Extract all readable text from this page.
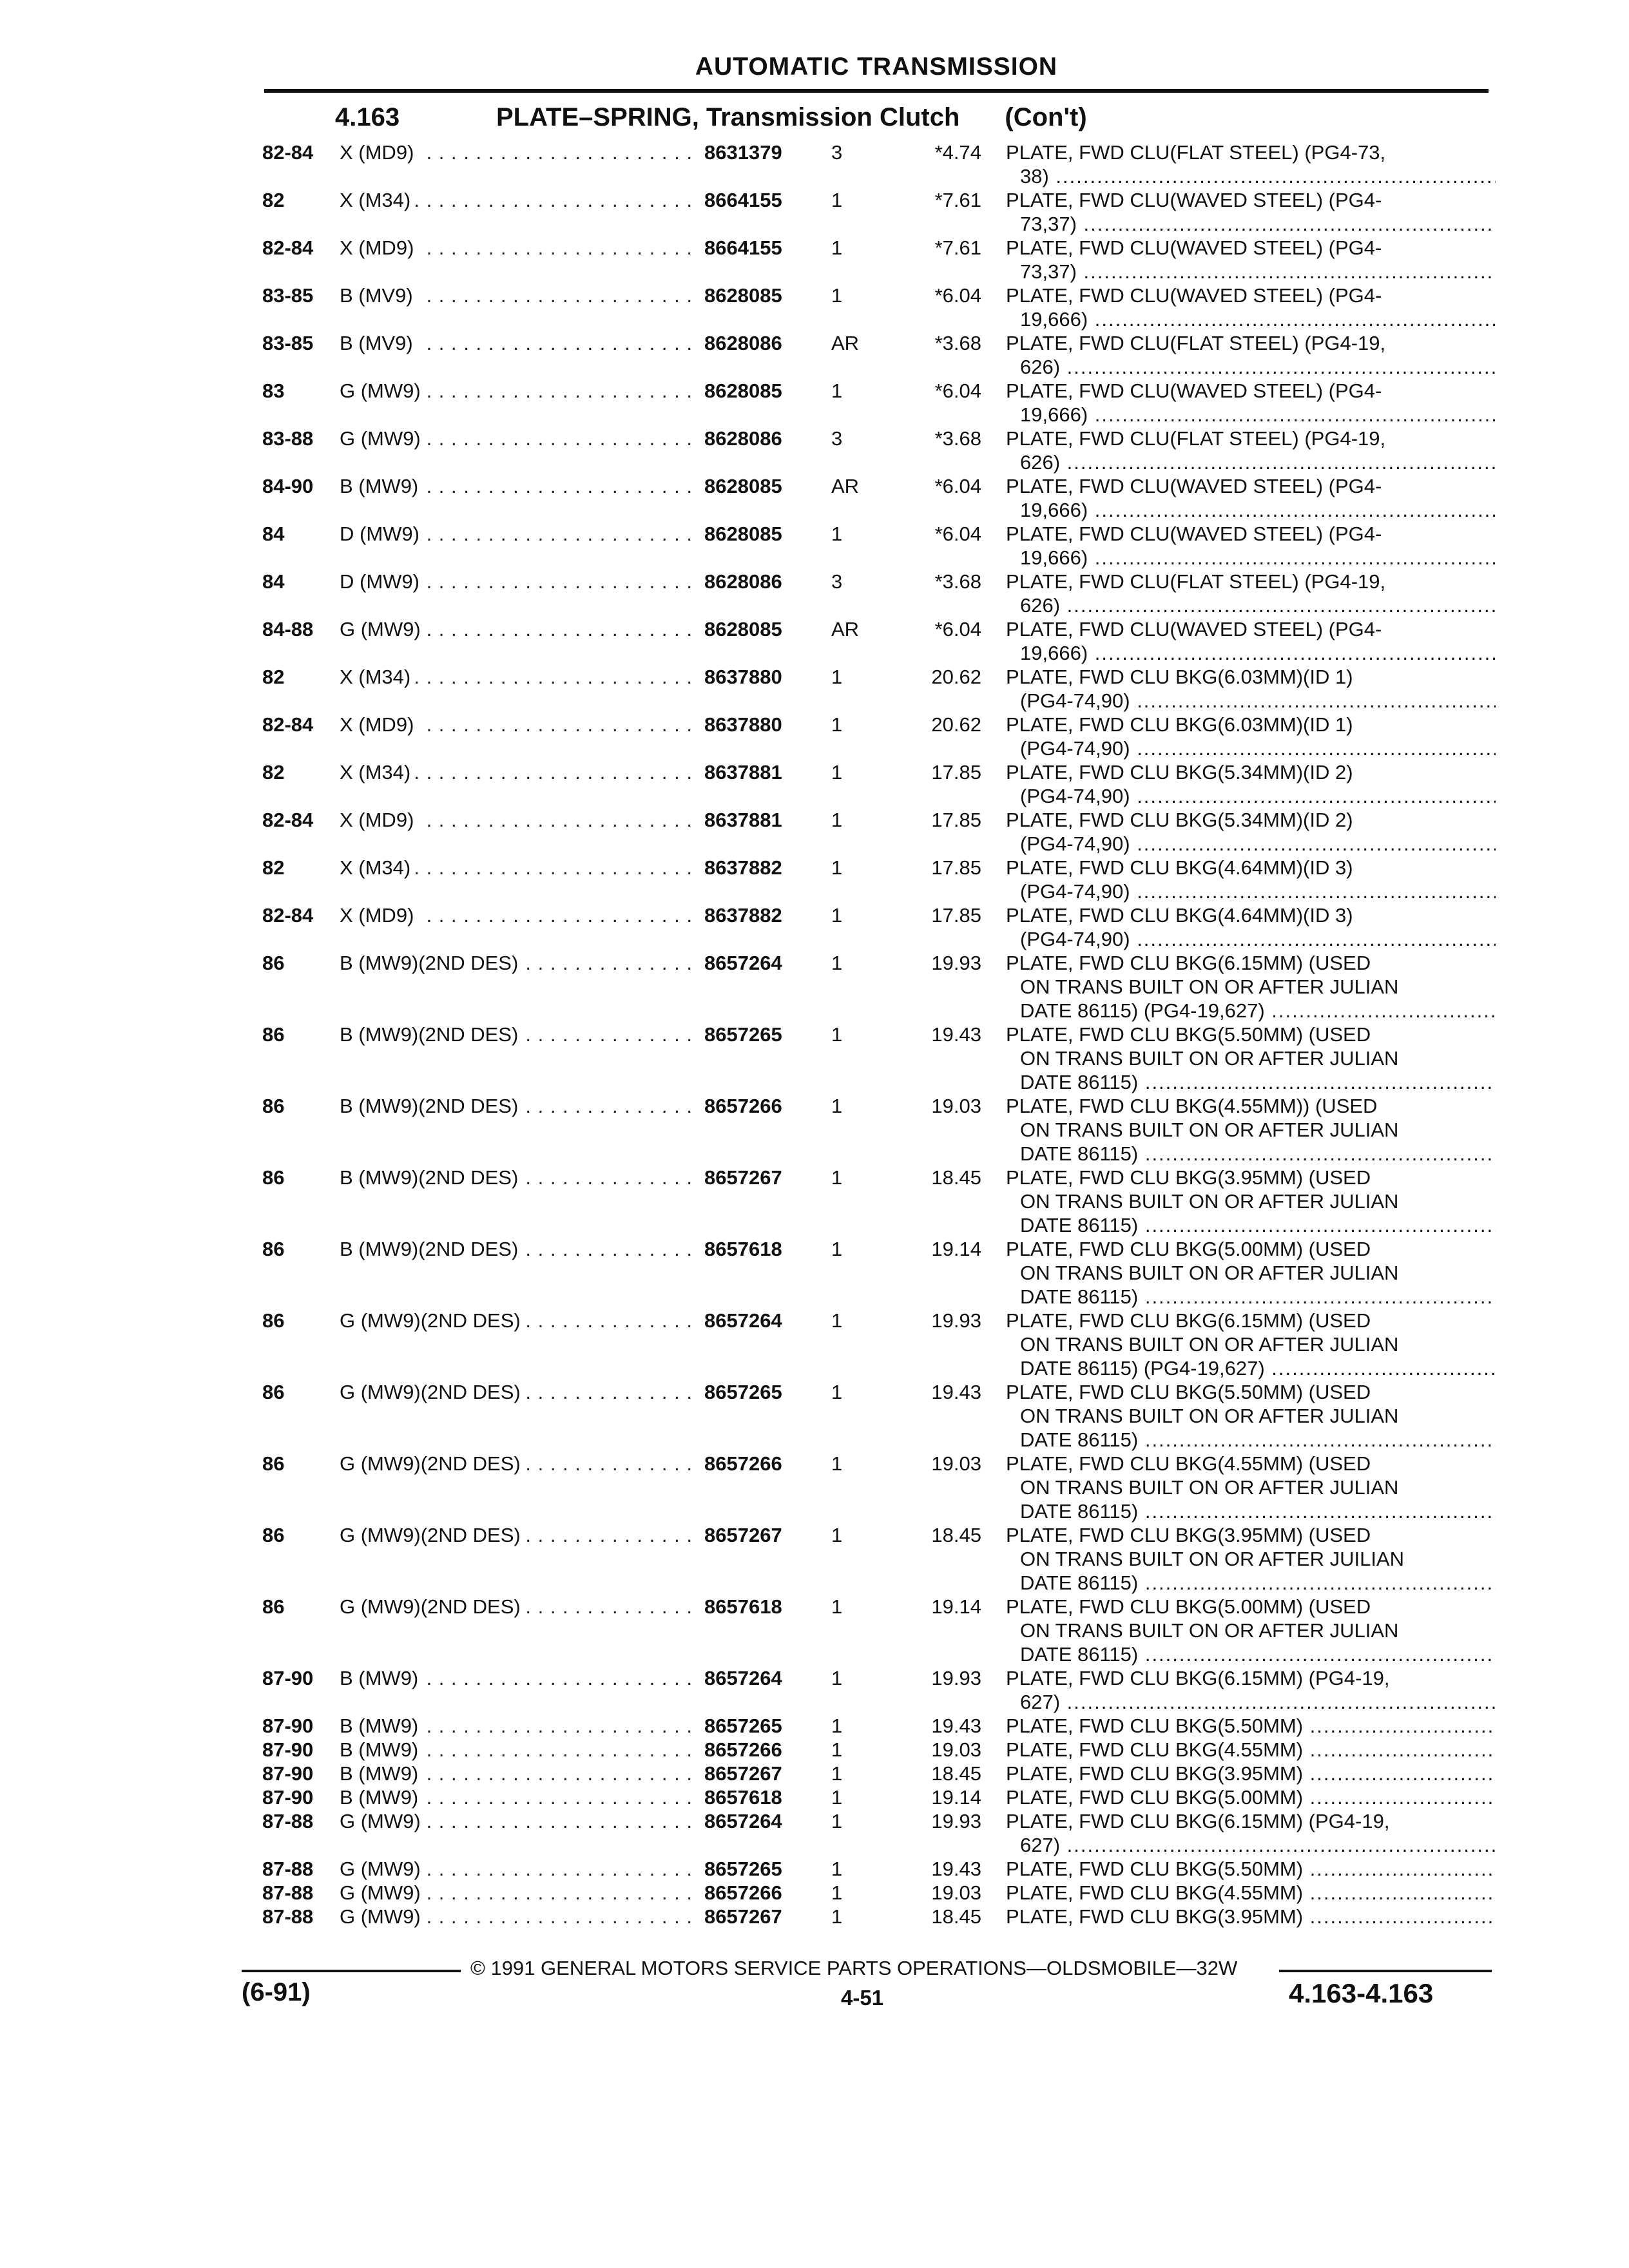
AUTOMATIC TRANSMISSION
4.163	PLATE–SPRING, Transmission Clutch (Con't)
82-84 X (MD9) . . .	8631379	3	*4.74 PLATE, FWD CLU(FLAT STEEL) (PG4-73,
38) .....
82	X (M34) . . .	8664155	1	*7.61 PLATE, FWD CLU(WAVED STEEL) (PG4-
73,37) .....
82-84 X (MD9) . . .	8664155	1	*7.61 PLATE, FWD CLU(WAVED STEEL) (PG4-
73,37) .....
83-85 B (MV9) . . .	8628085	1	*6.04 PLATE, FWD CLU(WAVED STEEL) (PG4-
19,666) .....
83-85 B (MV9) . . .	8628086	AR	*3.68 PLATE, FWD CLU(FLAT STEEL) (PG4-19,
626) .....
83	G (MW9) . . .	8628085	1	*6.04 PLATE, FWD CLU(WAVED STEEL) (PG4-
19,666) .....
83-88 G (MW9) . . .	8628086	3	*3.68 PLATE, FWD CLU(FLAT STEEL) (PG4-19,
626) .....
84-90 B (MW9) . . .	8628085	AR	*6.04 PLATE, FWD CLU(WAVED STEEL) (PG4-
19,666) .....
84	D (MW9) . . .	8628085	1	*6.04 PLATE, FWD CLU(WAVED STEEL) (PG4-
19,666) .....
84	D (MW9) . . .	8628086	3	*3.68 PLATE, FWD CLU(FLAT STEEL) (PG4-19,
626) .....
84-88 G (MW9) . . .	8628085	AR	*6.04 PLATE, FWD CLU(WAVED STEEL) (PG4-
19,666) .....
82	X (M34) . . .	8637880	1	20.62 PLATE, FWD CLU BKG(6.03MM)(ID 1)
(PG4-74,90) .....
82-84 X (MD9) . . .	8637880	1	20.62 PLATE, FWD CLU BKG(6.03MM)(ID 1)
(PG4-74,90) .....
82	X (M34) . . .	8637881	1	17.85 PLATE, FWD CLU BKG(5.34MM)(ID 2)
(PG4-74,90) .....
82-84 X (MD9) . . .	8637881	1	17.85 PLATE, FWD CLU BKG(5.34MM)(ID 2)
(PG4-74,90) .....
82	X (M34) . . .	8637882	1	17.85 PLATE, FWD CLU BKG(4.64MM)(ID 3)
(PG4-74,90) .....
82-84 X (MD9) . . .	8637882	1	17.85 PLATE, FWD CLU BKG(4.64MM)(ID 3)
(PG4-74,90) .....
86	B (MW9)(2ND DES) . . .	8657264	1	19.93 PLATE, FWD CLU BKG(6.15MM) (USED
ON TRANS BUILT ON OR AFTER JULIAN
DATE 86115) (PG4-19,627) .....
86	B (MW9)(2ND DES) . . .	8657265	1	19.43 PLATE, FWD CLU BKG(5.50MM) (USED
ON TRANS BUILT ON OR AFTER JULIAN
DATE 86115) .....
86	B (MW9)(2ND DES) . . .	8657266	1	19.03 PLATE, FWD CLU BKG(4.55MM)) (USED
ON TRANS BUILT ON OR AFTER JULIAN
DATE 86115) .....
86	B (MW9)(2ND DES) . . .	8657267	1	18.45 PLATE, FWD CLU BKG(3.95MM) (USED
ON TRANS BUILT ON OR AFTER JULIAN
DATE 86115) .....
86	B (MW9)(2ND DES) . . .	8657618	1	19.14 PLATE, FWD CLU BKG(5.00MM) (USED
ON TRANS BUILT ON OR AFTER JULIAN
DATE 86115) .....
86	G (MW9)(2ND DES) . . .	8657264	1	19.93 PLATE, FWD CLU BKG(6.15MM) (USED
ON TRANS BUILT ON OR AFTER JULIAN
DATE 86115) (PG4-19,627) .....
86	G (MW9)(2ND DES) . . .	8657265	1	19.43 PLATE, FWD CLU BKG(5.50MM) (USED
ON TRANS BUILT ON OR AFTER JULIAN
DATE 86115) .....
86	G (MW9)(2ND DES) . . .	8657266	1	19.03 PLATE, FWD CLU BKG(4.55MM) (USED
ON TRANS BUILT ON OR AFTER JULIAN
DATE 86115) .....
86	G (MW9)(2ND DES) . . .	8657267	1	18.45 PLATE, FWD CLU BKG(3.95MM) (USED
ON TRANS BUILT ON OR AFTER JUILIAN
DATE 86115) .....
86	G (MW9)(2ND DES) . . .	8657618	1	19.14 PLATE, FWD CLU BKG(5.00MM) (USED
ON TRANS BUILT ON OR AFTER JULIAN
DATE 86115) .....
87-90 B (MW9) . . .	8657264	1	19.93 PLATE, FWD CLU BKG(6.15MM) (PG4-19,
627) .....
87-90 B (MW9) . . .	8657265	1	19.43 PLATE, FWD CLU BKG(5.50MM) .....
87-90 B (MW9) . . .	8657266	1	19.03 PLATE, FWD CLU BKG(4.55MM) .....
87-90 B (MW9) . . .	8657267	1	18.45 PLATE, FWD CLU BKG(3.95MM) .....
87-90 B (MW9) . . .	8657618	1	19.14 PLATE, FWD CLU BKG(5.00MM) .....
87-88 G (MW9) . . .	8657264	1	19.93 PLATE, FWD CLU BKG(6.15MM) (PG4-19,
627) .....
87-88 G (MW9) . . .	8657265	1	19.43 PLATE, FWD CLU BKG(5.50MM) .....
87-88 G (MW9) . . .	8657266	1	19.03 PLATE, FWD CLU BKG(4.55MM) .....
87-88 G (MW9) . . .	8657267	1	18.45 PLATE, FWD CLU BKG(3.95MM) .....
© 1991 GENERAL MOTORS SERVICE PARTS OPERATIONS—OLDSMOBILE—32W
(6-91)	4-51	4.163-4.163
